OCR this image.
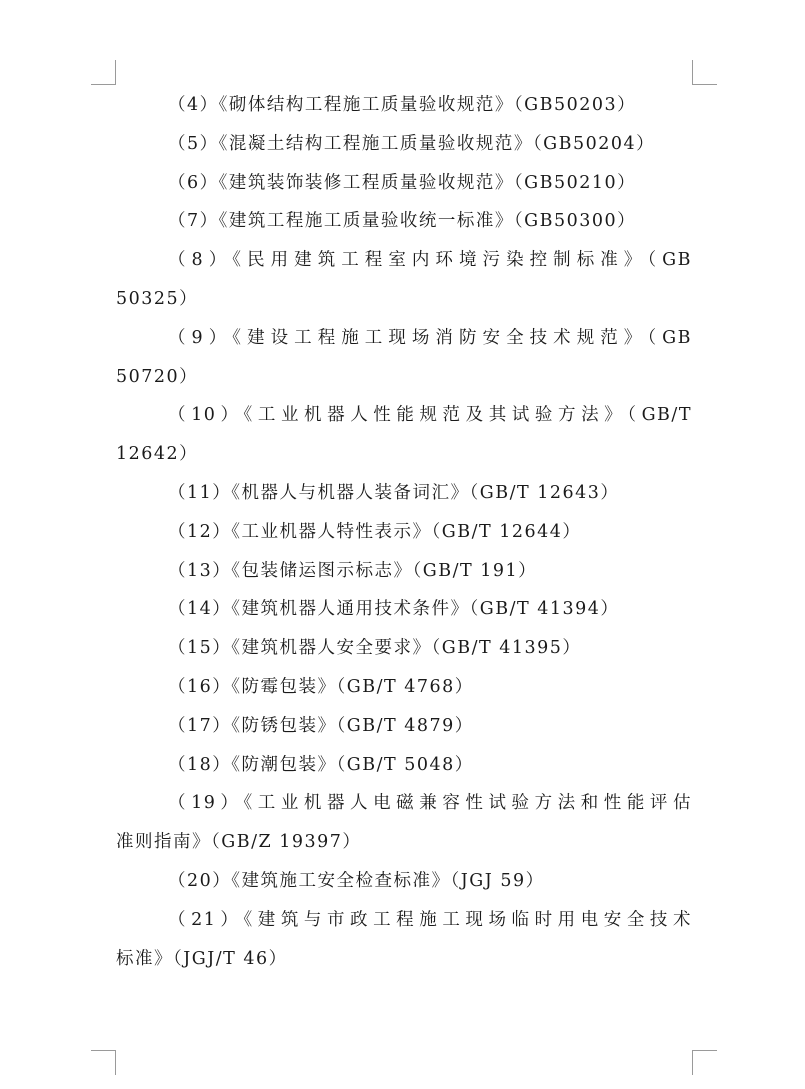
（4）《砌体结构工程施工质量验收规范》（GB50203）
（5）《混凝土结构工程施工质量验收规范》（GB50204）
（6）《建筑装饰装修工程质量验收规范》（GB50210）
（7）《建筑工程施工质量验收统一标准》（GB50300）
（8）《民用建筑工程室内环境污染控制标准》（GB
50325）
（9）《建设工程施工现场消防安全技术规范》（GB
50720）
（10）《工业机器人性能规范及其试验方法》（GB/T
12642）
（11）《机器人与机器人装备词汇》（GB/T 12643）
（12）《工业机器人特性表示》（GB/T 12644）
（13）《包装储运图示标志》（GB/T 191）
（14）《建筑机器人通用技术条件》（GB/T 41394）
（15）《建筑机器人安全要求》（GB/T 41395）
（16）《防霉包装》（GB/T 4768）
（17）《防锈包装》（GB/T 4879）
（18）《防潮包装》（GB/T 5048）
（19）《工业机器人电磁兼容性试验方法和性能评估
准则指南》（GB/Z 19397）
（20）《建筑施工安全检查标准》（JGJ 59）
（21）《建筑与市政工程施工现场临时用电安全技术
标准》（JGJ/T 46）
